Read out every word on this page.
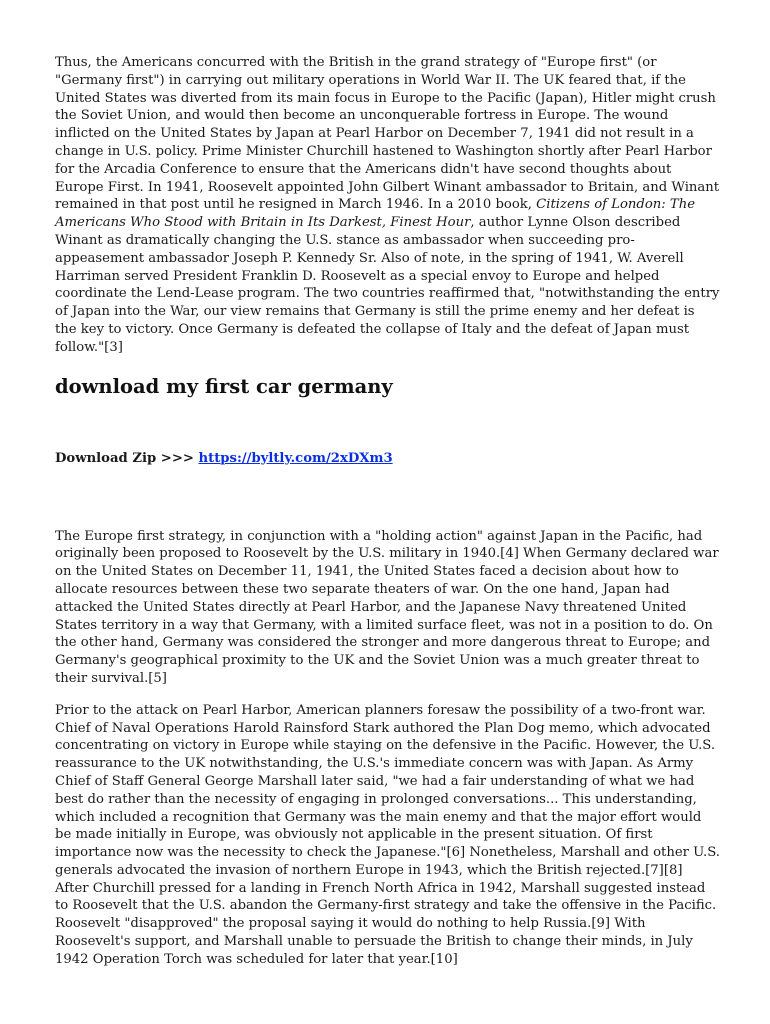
Thus, the Americans concurred with the British in the grand strategy of "Europe first" (or "Germany first") in carrying out military operations in World War II. The UK feared that, if the United States was diverted from its main focus in Europe to the Pacific (Japan), Hitler might crush the Soviet Union, and would then become an unconquerable fortress in Europe. The wound inflicted on the United States by Japan at Pearl Harbor on December 7, 1941 did not result in a change in U.S. policy. Prime Minister Churchill hastened to Washington shortly after Pearl Harbor for the Arcadia Conference to ensure that the Americans didn't have second thoughts about Europe First. In 1941, Roosevelt appointed John Gilbert Winant ambassador to Britain, and Winant remained in that post until he resigned in March 1946. In a 2010 book, Citizens of London: The Americans Who Stood with Britain in Its Darkest, Finest Hour, author Lynne Olson described Winant as dramatically changing the U.S. stance as ambassador when succeeding pro-appeasement ambassador Joseph P. Kennedy Sr. Also of note, in the spring of 1941, W. Averell Harriman served President Franklin D. Roosevelt as a special envoy to Europe and helped coordinate the Lend-Lease program. The two countries reaffirmed that, "notwithstanding the entry of Japan into the War, our view remains that Germany is still the prime enemy and her defeat is the key to victory. Once Germany is defeated the collapse of Italy and the defeat of Japan must follow."[3]

download my first car germany
Download Zip >>> https://byltly.com/2xDXm3

The Europe first strategy, in conjunction with a "holding action" against Japan in the Pacific, had originally been proposed to Roosevelt by the U.S. military in 1940.[4] When Germany declared war on the United States on December 11, 1941, the United States faced a decision about how to allocate resources between these two separate theaters of war. On the one hand, Japan had attacked the United States directly at Pearl Harbor, and the Japanese Navy threatened United States territory in a way that Germany, with a limited surface fleet, was not in a position to do. On the other hand, Germany was considered the stronger and more dangerous threat to Europe; and Germany's geographical proximity to the UK and the Soviet Union was a much greater threat to their survival.[5]

Prior to the attack on Pearl Harbor, American planners foresaw the possibility of a two-front war. Chief of Naval Operations Harold Rainsford Stark authored the Plan Dog memo, which advocated concentrating on victory in Europe while staying on the defensive in the Pacific. However, the U.S. reassurance to the UK notwithstanding, the U.S.'s immediate concern was with Japan. As Army Chief of Staff General George Marshall later said, "we had a fair understanding of what we had best do rather than the necessity of engaging in prolonged conversations... This understanding, which included a recognition that Germany was the main enemy and that the major effort would be made initially in Europe, was obviously not applicable in the present situation. Of first importance now was the necessity to check the Japanese."[6] Nonetheless, Marshall and other U.S. generals advocated the invasion of northern Europe in 1943, which the British rejected.[7][8] After Churchill pressed for a landing in French North Africa in 1942, Marshall suggested instead to Roosevelt that the U.S. abandon the Germany-first strategy and take the offensive in the Pacific. Roosevelt "disapproved" the proposal saying it would do nothing to help Russia.[9] With Roosevelt's support, and Marshall unable to persuade the British to change their minds, in July 1942 Operation Torch was scheduled for later that year.[10]
